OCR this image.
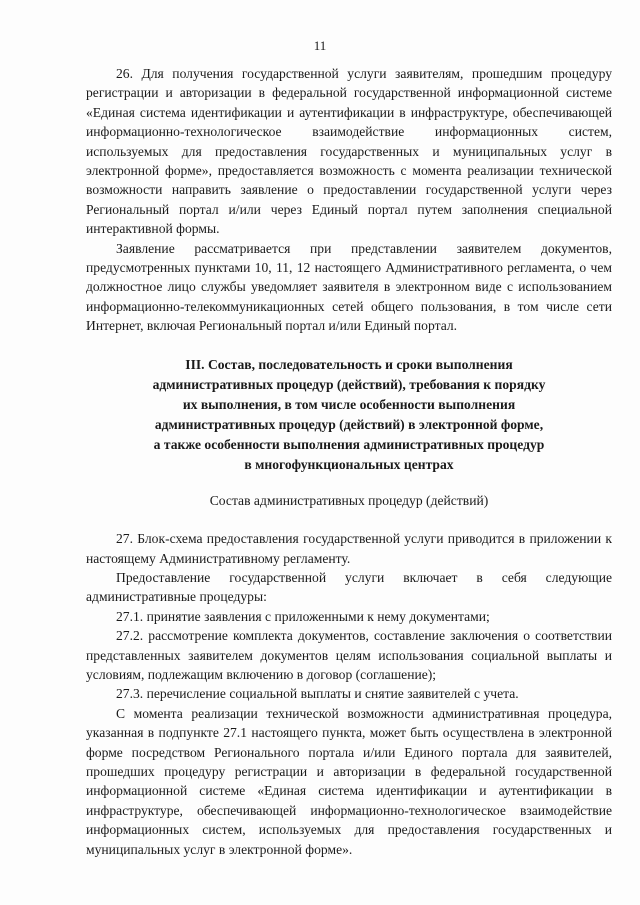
11

26. Для получения государственной услуги заявителям, прошедшим процедуру регистрации и авторизации в федеральной государственной информационной системе «Единая система идентификации и аутентификации в инфраструктуре, обеспечивающей информационно-технологическое взаимодействие информационных систем, используемых для предоставления государственных и муниципальных услуг в электронной форме», предоставляется возможность с момента реализации технической возможности направить заявление о предоставлении государственной услуги через Региональный портал и/или через Единый портал путем заполнения специальной интерактивной формы.

Заявление рассматривается при представлении заявителем документов, предусмотренных пунктами 10, 11, 12 настоящего Административного регламента, о чем должностное лицо службы уведомляет заявителя в электронном виде с использованием информационно-телекоммуникационных сетей общего пользования, в том числе сети Интернет, включая Региональный портал и/или Единый портал.

III. Состав, последовательность и сроки выполнения
административных процедур (действий), требования к порядку
их выполнения, в том числе особенности выполнения
административных процедур (действий) в электронной форме,
а также особенности выполнения административных процедур
в многофункциональных центрах
Состав административных процедур (действий)

27. Блок-схема предоставления государственной услуги приводится в приложении к настоящему Административному регламенту.

Предоставление государственной услуги включает в себя следующие административные процедуры:

27.1. принятие заявления с приложенными к нему документами;

27.2. рассмотрение комплекта документов, составление заключения о соответствии представленных заявителем документов целям использования социальной выплаты и условиям, подлежащим включению в договор (соглашение);

27.3. перечисление социальной выплаты и снятие заявителей с учета.

С момента реализации технической возможности административная процедура, указанная в подпункте 27.1 настоящего пункта, может быть осуществлена в электронной форме посредством Регионального портала и/или Единого портала для заявителей, прошедших процедуру регистрации и авторизации в федеральной государственной информационной системе «Единая система идентификации и аутентификации в инфраструктуре, обеспечивающей информационно-технологическое взаимодействие информационных систем, используемых для предоставления государственных и муниципальных услуг в электронной форме».
